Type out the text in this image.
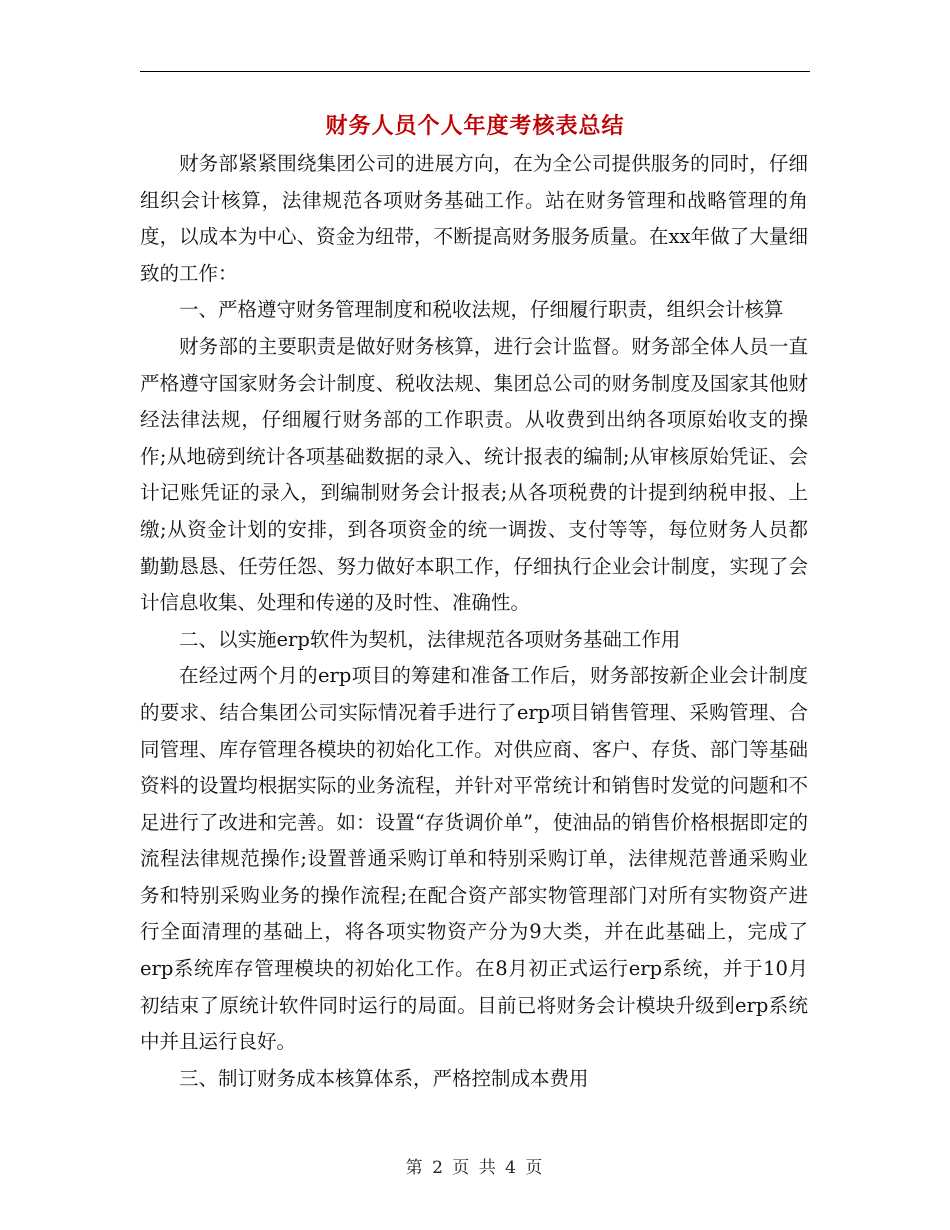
财务人员个人年度考核表总结

财务部紧紧围绕集团公司的进展方向，在为全公司提供服务的同时，仔细组织会计核算，法律规范各项财务基础工作。站在财务管理和战略管理的角度，以成本为中心、资金为纽带，不断提高财务服务质量。在xx年做了大量细致的工作：

一、严格遵守财务管理制度和税收法规，仔细履行职责，组织会计核算

财务部的主要职责是做好财务核算，进行会计监督。财务部全体人员一直严格遵守国家财务会计制度、税收法规、集团总公司的财务制度及国家其他财经法律法规，仔细履行财务部的工作职责。从收费到出纳各项原始收支的操作;从地磅到统计各项基础数据的录入、统计报表的编制;从审核原始凭证、会计记账凭证的录入，到编制财务会计报表;从各项税费的计提到纳税申报、上缴;从资金计划的安排，到各项资金的统一调拨、支付等等，每位财务人员都勤勤恳恳、任劳任怨、努力做好本职工作，仔细执行企业会计制度，实现了会计信息收集、处理和传递的及时性、准确性。

二、以实施erp软件为契机，法律规范各项财务基础工作用

在经过两个月的erp项目的筹建和准备工作后，财务部按新企业会计制度的要求、结合集团公司实际情况着手进行了erp项目销售管理、采购管理、合同管理、库存管理各模块的初始化工作。对供应商、客户、存货、部门等基础资料的设置均根据实际的业务流程，并针对平常统计和销售时发觉的问题和不足进行了改进和完善。如：设置“存货调价单”，使油品的销售价格根据即定的流程法律规范操作;设置普通采购订单和特别采购订单，法律规范普通采购业务和特别采购业务的操作流程;在配合资产部实物管理部门对所有实物资产进行全面清理的基础上，将各项实物资产分为9大类，并在此基础上，完成了erp系统库存管理模块的初始化工作。在8月初正式运行erp系统，并于10月初结束了原统计软件同时运行的局面。目前已将财务会计模块升级到erp系统中并且运行良好。

三、制订财务成本核算体系，严格控制成本费用

第 2 页 共 4 页
